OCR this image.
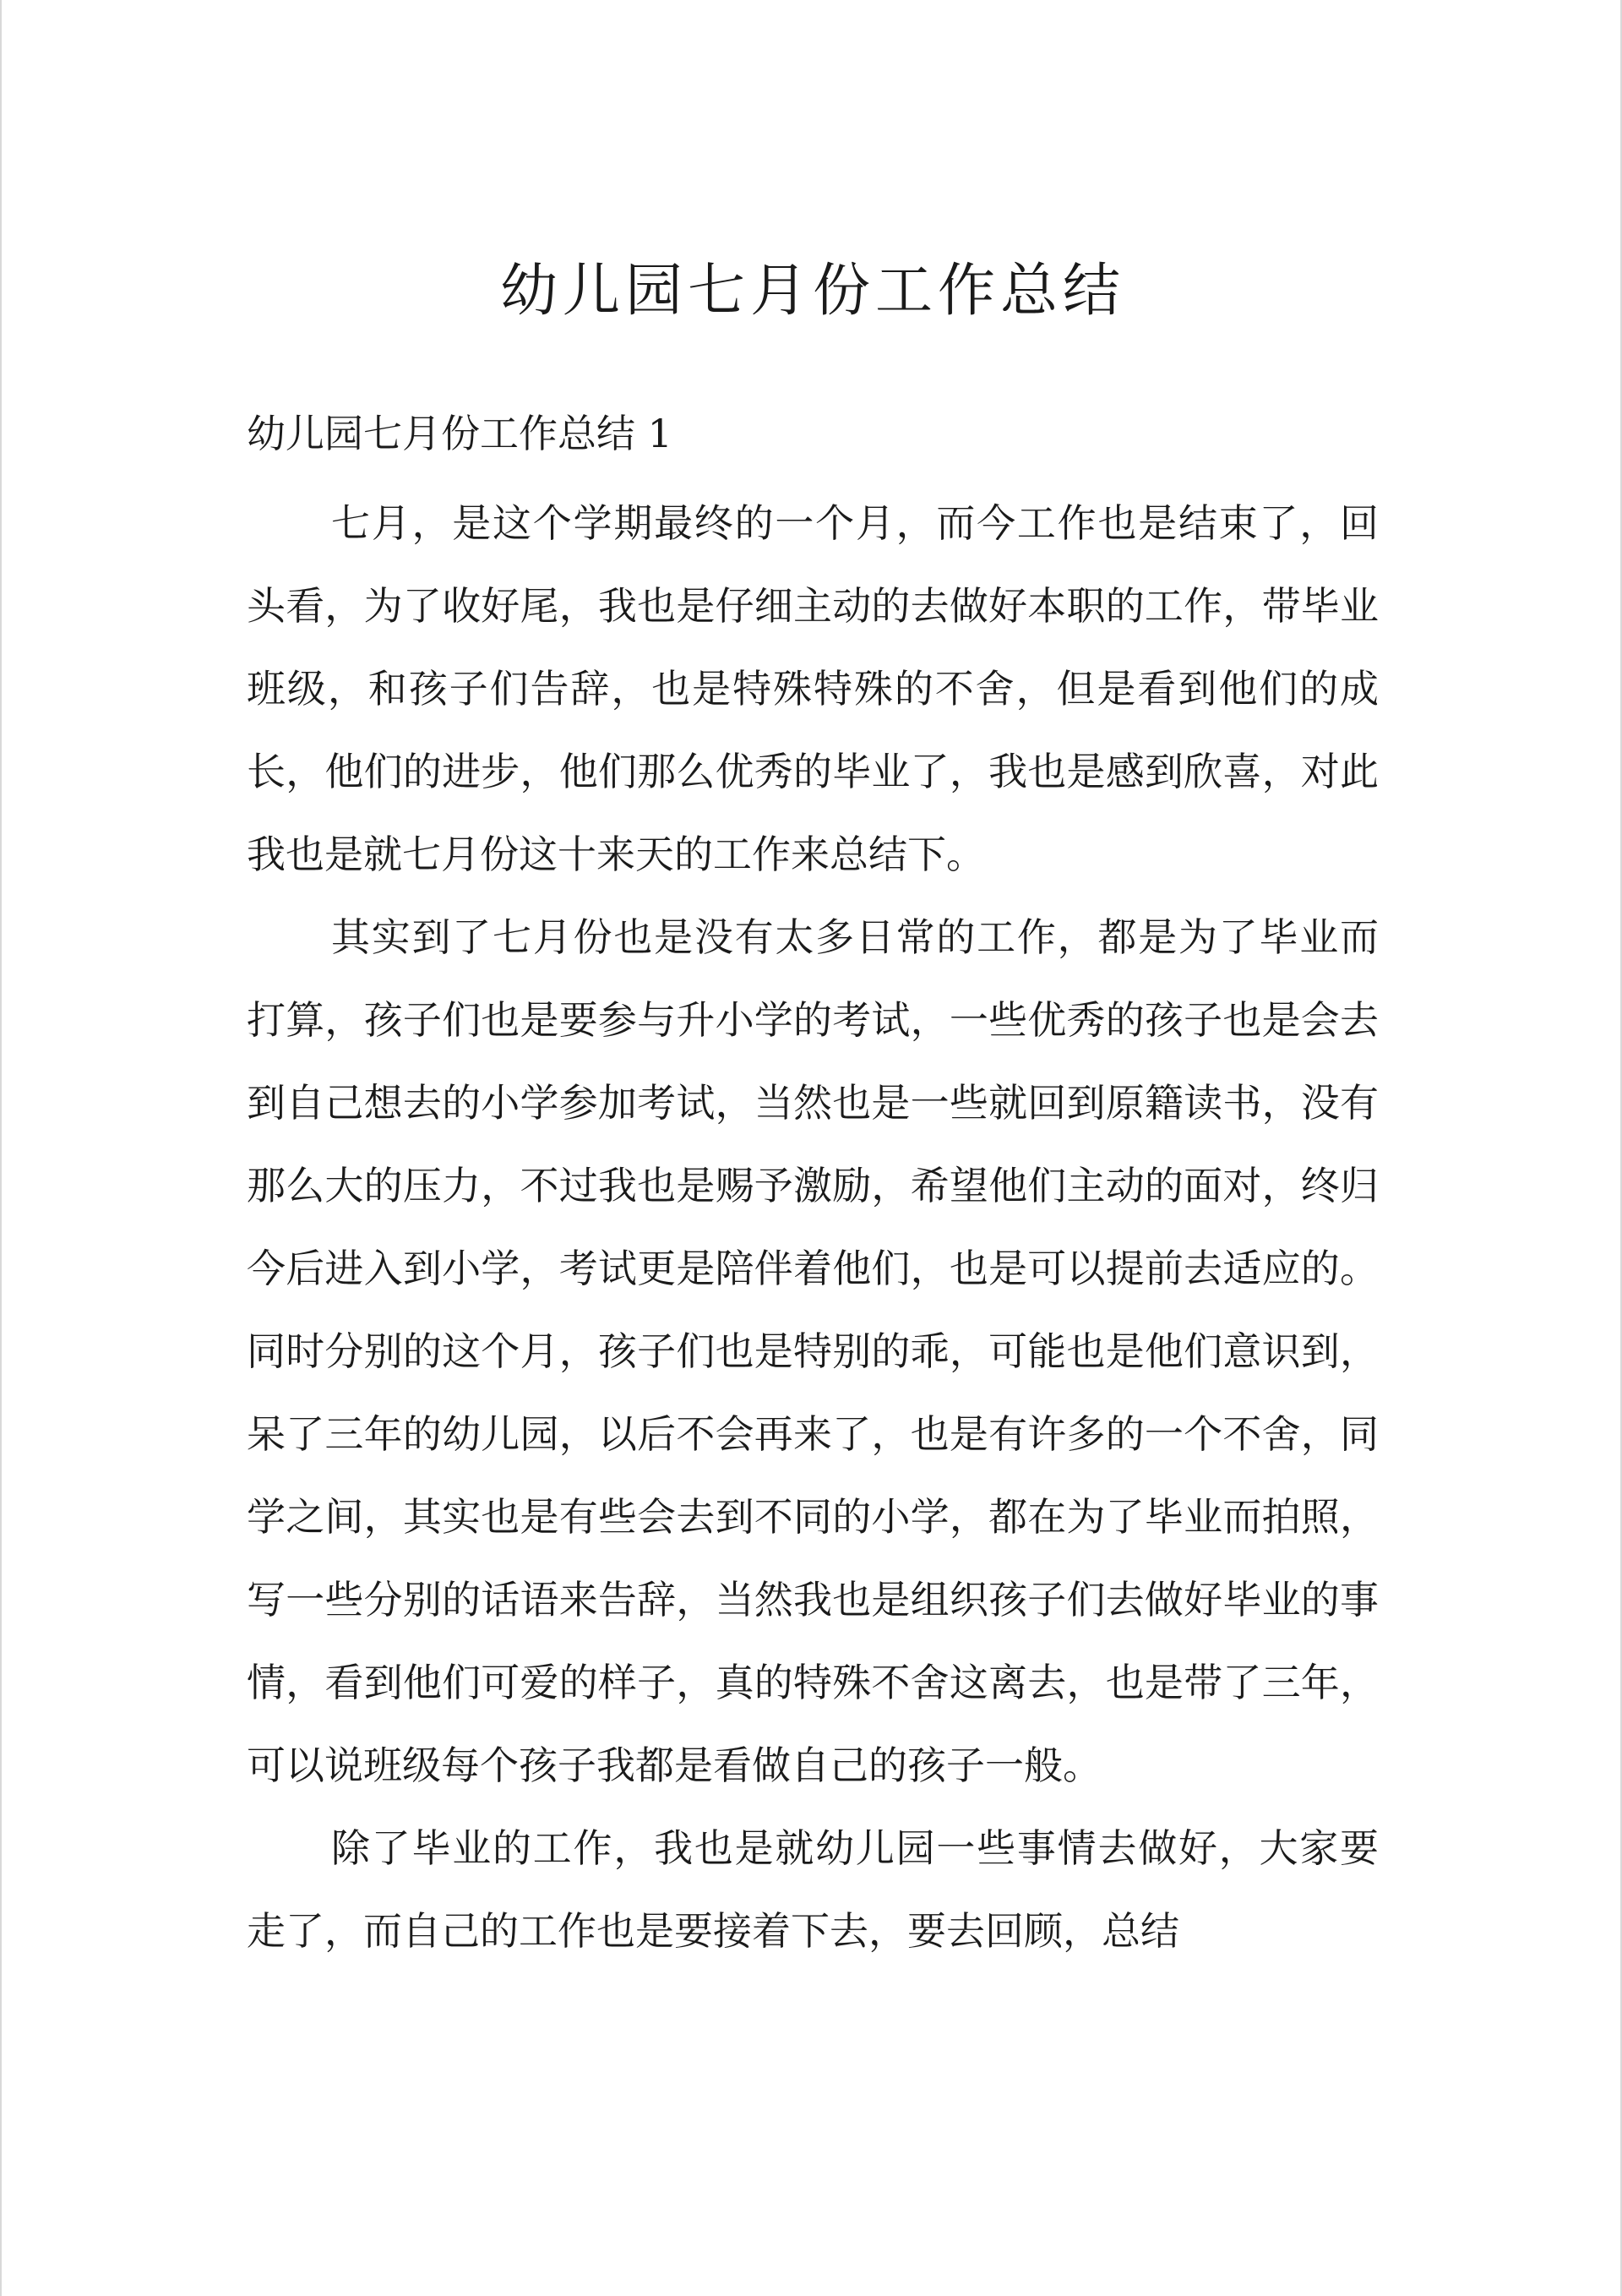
幼儿园七月份工作总结
幼儿园七月份工作总结 1

七月，是这个学期最终的一个月，而今工作也是结束了，回头看，为了收好尾，我也是仔细主动的去做好本职的工作，带毕业班级，和孩子们告辞，也是特殊特殊的不舍，但是看到他们的成长，他们的进步，他们那么优秀的毕业了，我也是感到欣喜，对此我也是就七月份这十来天的工作来总结下。

其实到了七月份也是没有太多日常的工作，都是为了毕业而打算，孩子们也是要参与升小学的考试，一些优秀的孩子也是会去到自己想去的小学参加考试，当然也是一些就回到原籍读书，没有那么大的压力，不过我也是赐予激励，希望他们主动的面对，终归今后进入到小学，考试更是陪伴着他们，也是可以提前去适应的。同时分别的这个月，孩子们也是特别的乖，可能也是他们意识到，呆了三年的幼儿园，以后不会再来了，也是有许多的一个不舍，同学之间，其实也是有些会去到不同的小学，都在为了毕业而拍照，写一些分别的话语来告辞，当然我也是组织孩子们去做好毕业的事情，看到他们可爱的样子，真的特殊不舍这离去，也是带了三年，可以说班级每个孩子我都是看做自己的孩子一般。

除了毕业的工作，我也是就幼儿园一些事情去做好，大家要走了，而自己的工作也是要接着下去，要去回顾，总结
